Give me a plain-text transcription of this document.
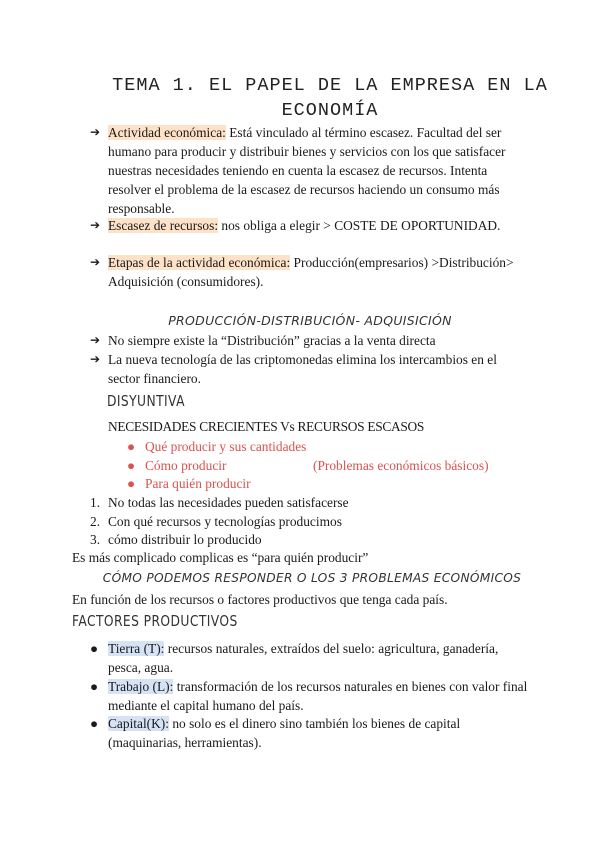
TEMA 1. EL PAPEL DE LA EMPRESA EN LA
ECONOMÍA
➔ Actividad económica: Está vinculado al término escasez. Facultad del ser humano para producir y distribuir bienes y servicios con los que satisfacer nuestras necesidades teniendo en cuenta la escasez de recursos. Intenta resolver el problema de la escasez de recursos haciendo un consumo más responsable.
➔ Escasez de recursos: nos obliga a elegir > COSTE DE OPORTUNIDAD.
➔ Etapas de la actividad económica: Producción(empresarios) >Distribución> Adquisición (consumidores).
PRODUCCIÓN-DISTRIBUCIÓN- ADQUISICIÓN
➔ No siempre existe la “Distribución” gracias a la venta directa
➔ La nueva tecnología de las criptomonedas elimina los intercambios en el sector financiero.
DISYUNTIVA
NECESIDADES CRECIENTES Vs RECURSOS ESCASOS
● Qué producir y sus cantidades
● Cómo producir	(Problemas económicos básicos)
● Para quién producir
1. No todas las necesidades pueden satisfacerse
2. Con qué recursos y tecnologías producimos
3. cómo distribuir lo producido
Es más complicado complicas es “para quién producir”
CÓMO PODEMOS RESPONDER O LOS 3 PROBLEMAS ECONÓMICOS
En función de los recursos o factores productivos que tenga cada país.
FACTORES PRODUCTIVOS
● Tierra (T): recursos naturales, extraídos del suelo: agricultura, ganadería, pesca, agua.
● Trabajo (L): transformación de los recursos naturales en bienes con valor final mediante el capital humano del país.
● Capital(K): no solo es el dinero sino también los bienes de capital (maquinarias, herramientas).
